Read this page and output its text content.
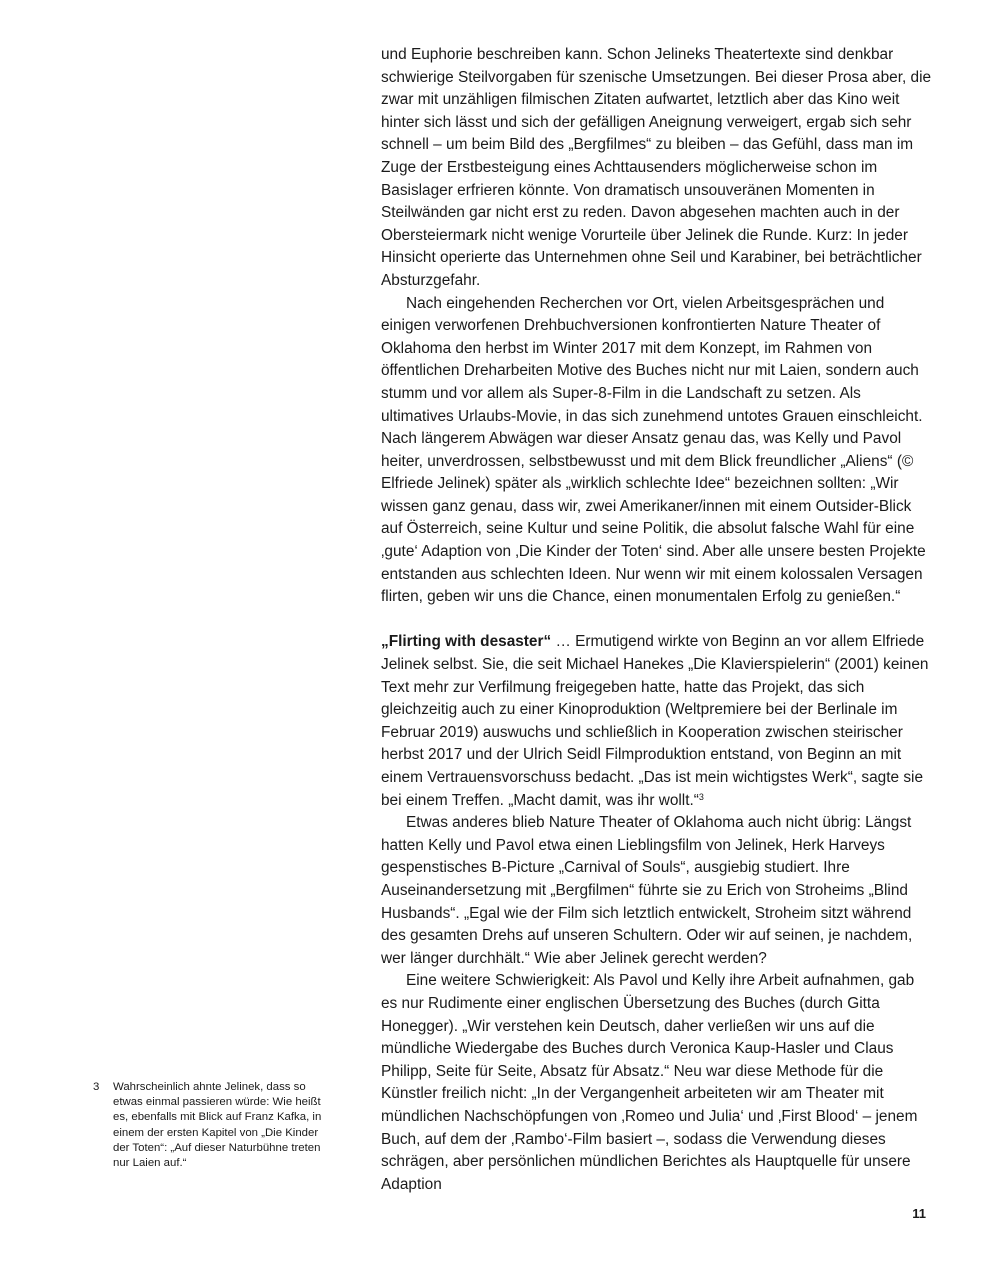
und Euphorie beschreiben kann. Schon Jelineks Theatertexte sind denkbar schwierige Steilvorgaben für szenische Umsetzungen. Bei dieser Prosa aber, die zwar mit unzähligen filmischen Zitaten aufwartet, letztlich aber das Kino weit hinter sich lässt und sich der gefälligen Aneignung verweigert, ergab sich sehr schnell – um beim Bild des „Bergfilmes“ zu bleiben – das Gefühl, dass man im Zuge der Erstbesteigung eines Achttausenders möglicherweise schon im Basislager erfrieren könnte. Von dramatisch unsouveränen Momenten in Steilwänden gar nicht erst zu reden. Davon abgesehen machten auch in der Obersteiermark nicht wenige Vorurteile über Jelinek die Runde. Kurz: In jeder Hinsicht operierte das Unternehmen ohne Seil und Karabiner, bei beträchtlicher Absturzgefahr.

Nach eingehenden Recherchen vor Ort, vielen Arbeitsgesprächen und einigen verworfenen Drehbuchversionen konfrontierten Nature Theater of Oklahoma den herbst im Winter 2017 mit dem Konzept, im Rahmen von öffentlichen Dreharbeiten Motive des Buches nicht nur mit Laien, sondern auch stumm und vor allem als Super-8-Film in die Landschaft zu setzen. Als ultimatives Urlaubs-Movie, in das sich zunehmend untotes Grauen einschleicht. Nach längerem Abwägen war dieser Ansatz genau das, was Kelly und Pavol heiter, unverdrossen, selbstbewusst und mit dem Blick freundlicher „Aliens“ (© Elfriede Jelinek) später als „wirklich schlechte Idee“ bezeichnen sollten: „Wir wissen ganz genau, dass wir, zwei Amerikaner/innen mit einem Outsider-Blick auf Österreich, seine Kultur und seine Politik, die absolut falsche Wahl für eine ‚gute‘ Adaption von ‚Die Kinder der Toten‘ sind. Aber alle unsere besten Projekte entstanden aus schlechten Ideen. Nur wenn wir mit einem kolossalen Versagen flirten, geben wir uns die Chance, einen monumentalen Erfolg zu genießen.“

„Flirting with desaster“ … Ermutigend wirkte von Beginn an vor allem Elfriede Jelinek selbst. Sie, die seit Michael Hanekes „Die Klavierspielerin“ (2001) keinen Text mehr zur Verfilmung freigegeben hatte, hatte das Projekt, das sich gleichzeitig auch zu einer Kinoproduktion (Weltpremiere bei der Berlinale im Februar 2019) auswuchs und schließlich in Kooperation zwischen steirischer herbst 2017 und der Ulrich Seidl Filmproduktion entstand, von Beginn an mit einem Vertrauensvorschuss bedacht. „Das ist mein wichtigstes Werk“, sagte sie bei einem Treffen. „Macht damit, was ihr wollt.“$^3$

Etwas anderes blieb Nature Theater of Oklahoma auch nicht übrig: Längst hatten Kelly und Pavol etwa einen Lieblingsfilm von Jelinek, Herk Harveys gespenstisches B-Picture „Carnival of Souls“, ausgiebig studiert. Ihre Auseinandersetzung mit „Bergfilmen“ führte sie zu Erich von Stroheims „Blind Husbands“. „Egal wie der Film sich letztlich entwickelt, Stroheim sitzt während des gesamten Drehs auf unseren Schultern. Oder wir auf seinen, je nachdem, wer länger durchhält.“ Wie aber Jelinek gerecht werden?

Eine weitere Schwierigkeit: Als Pavol und Kelly ihre Arbeit aufnahmen, gab es nur Rudimente einer englischen Übersetzung des Buches (durch Gitta Honegger). „Wir verstehen kein Deutsch, daher verließen wir uns auf die mündliche Wiedergabe des Buches durch Veronica Kaup-Hasler und Claus Philipp, Seite für Seite, Absatz für Absatz.“ Neu war diese Methode für die Künstler freilich nicht: „In der Vergangenheit arbeiteten wir am Theater mit mündlichen Nachschöpfungen von ‚Romeo und Julia‘ und ‚First Blood‘ – jenem Buch, auf dem der ‚Rambo‘-Film basiert –, sodass die Verwendung dieses schrägen, aber persönlichen mündlichen Berichtes als Hauptquelle für unsere Adaption

3	Wahrscheinlich ahnte Jelinek, dass so etwas einmal passieren würde: Wie heißt es, ebenfalls mit Blick auf Franz Kafka, in einem der ersten Kapitel von „Die Kinder der Toten“: „Auf dieser Naturbühne treten nur Laien auf.“
11
